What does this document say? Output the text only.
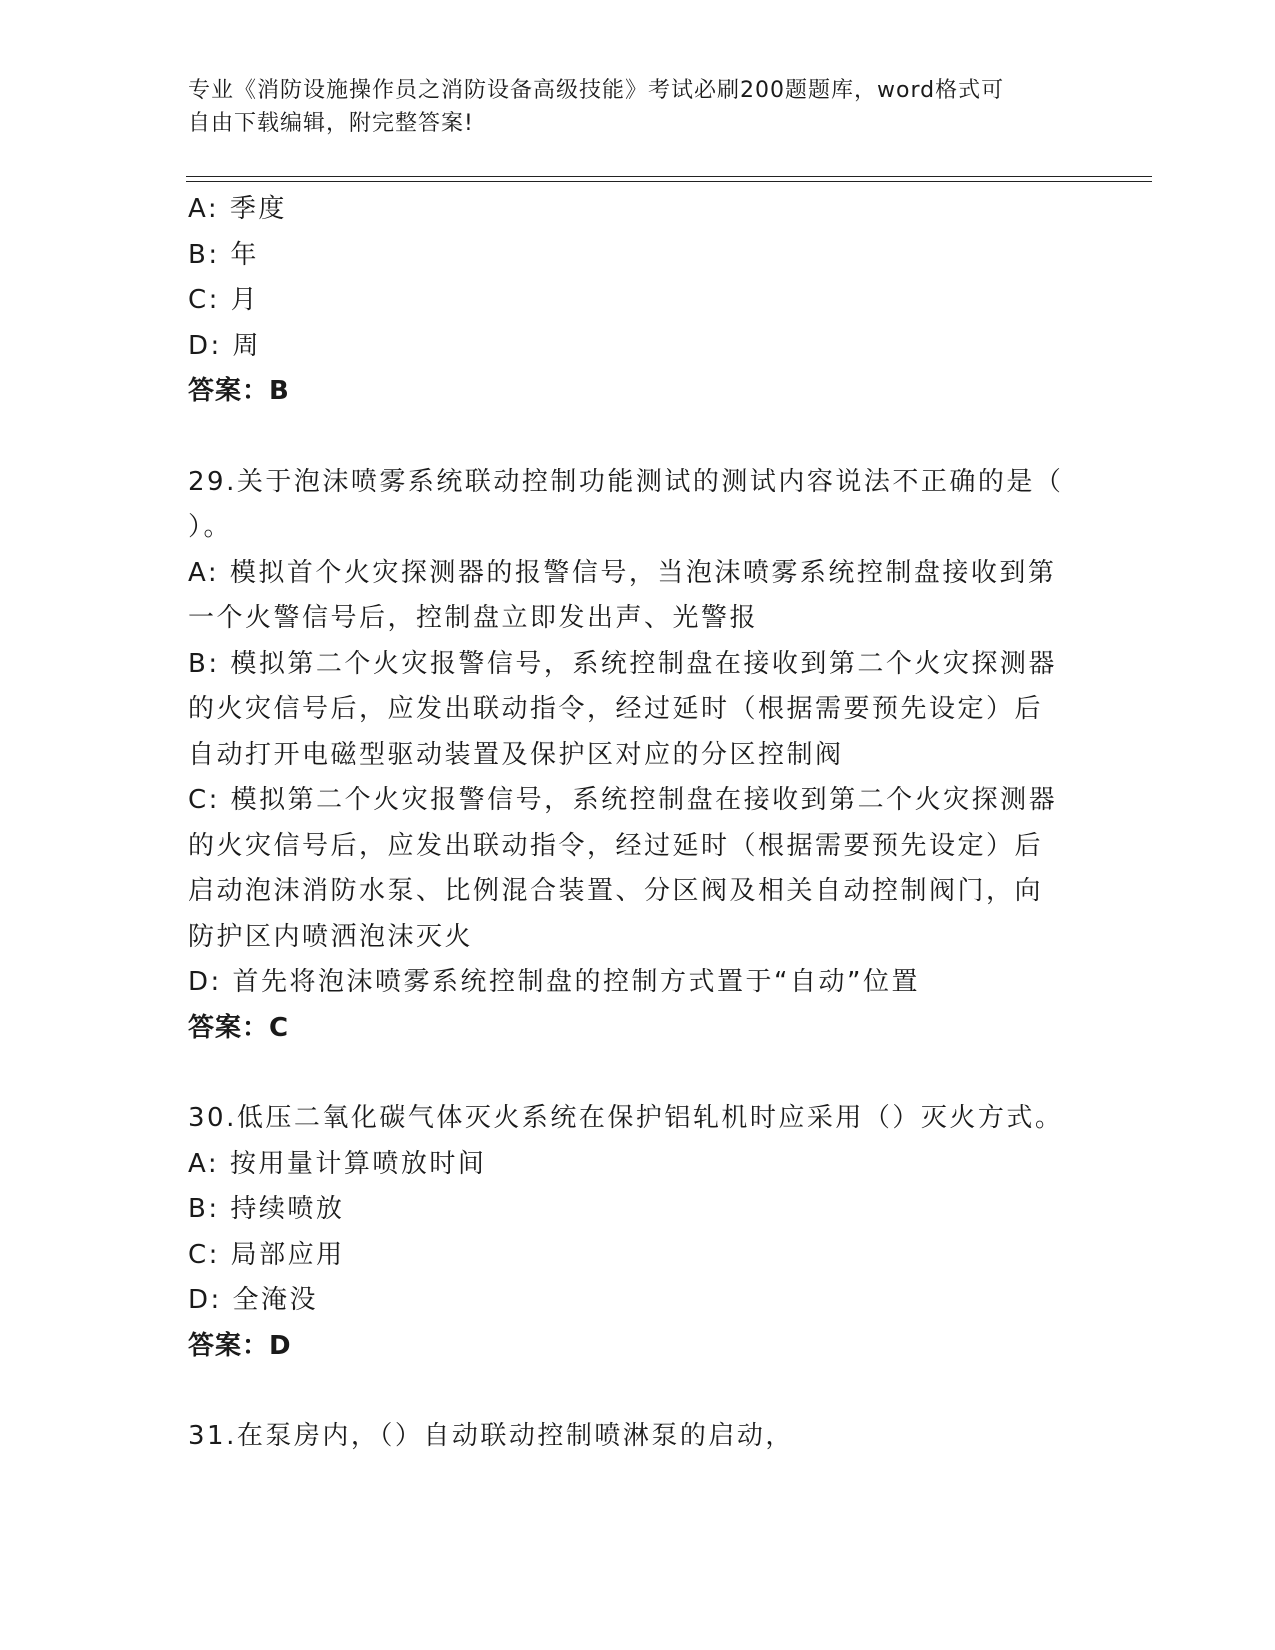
专业《消防设施操作员之消防设备高级技能》考试必刷200题题库，word格式可
自由下载编辑，附完整答案!
A: 季度
B: 年
C: 月
D: 周
答案：B
29.关于泡沫喷雾系统联动控制功能测试的测试内容说法不正确的是（
）。
A: 模拟首个火灾探测器的报警信号，当泡沫喷雾系统控制盘接收到第
一个火警信号后，控制盘立即发出声、光警报
B: 模拟第二个火灾报警信号，系统控制盘在接收到第二个火灾探测器
的火灾信号后，应发出联动指令，经过延时（根据需要预先设定）后
自动打开电磁型驱动装置及保护区对应的分区控制阀
C: 模拟第二个火灾报警信号，系统控制盘在接收到第二个火灾探测器
的火灾信号后，应发出联动指令，经过延时（根据需要预先设定）后
启动泡沫消防水泵、比例混合装置、分区阀及相关自动控制阀门，向
防护区内喷洒泡沫灭火
D: 首先将泡沫喷雾系统控制盘的控制方式置于“自动”位置
答案：C
30.低压二氧化碳气体灭火系统在保护铝轧机时应采用（）灭火方式。
A: 按用量计算喷放时间
B: 持续喷放
C: 局部应用
D: 全淹没
答案：D
31.在泵房内，（）自动联动控制喷淋泵的启动，
